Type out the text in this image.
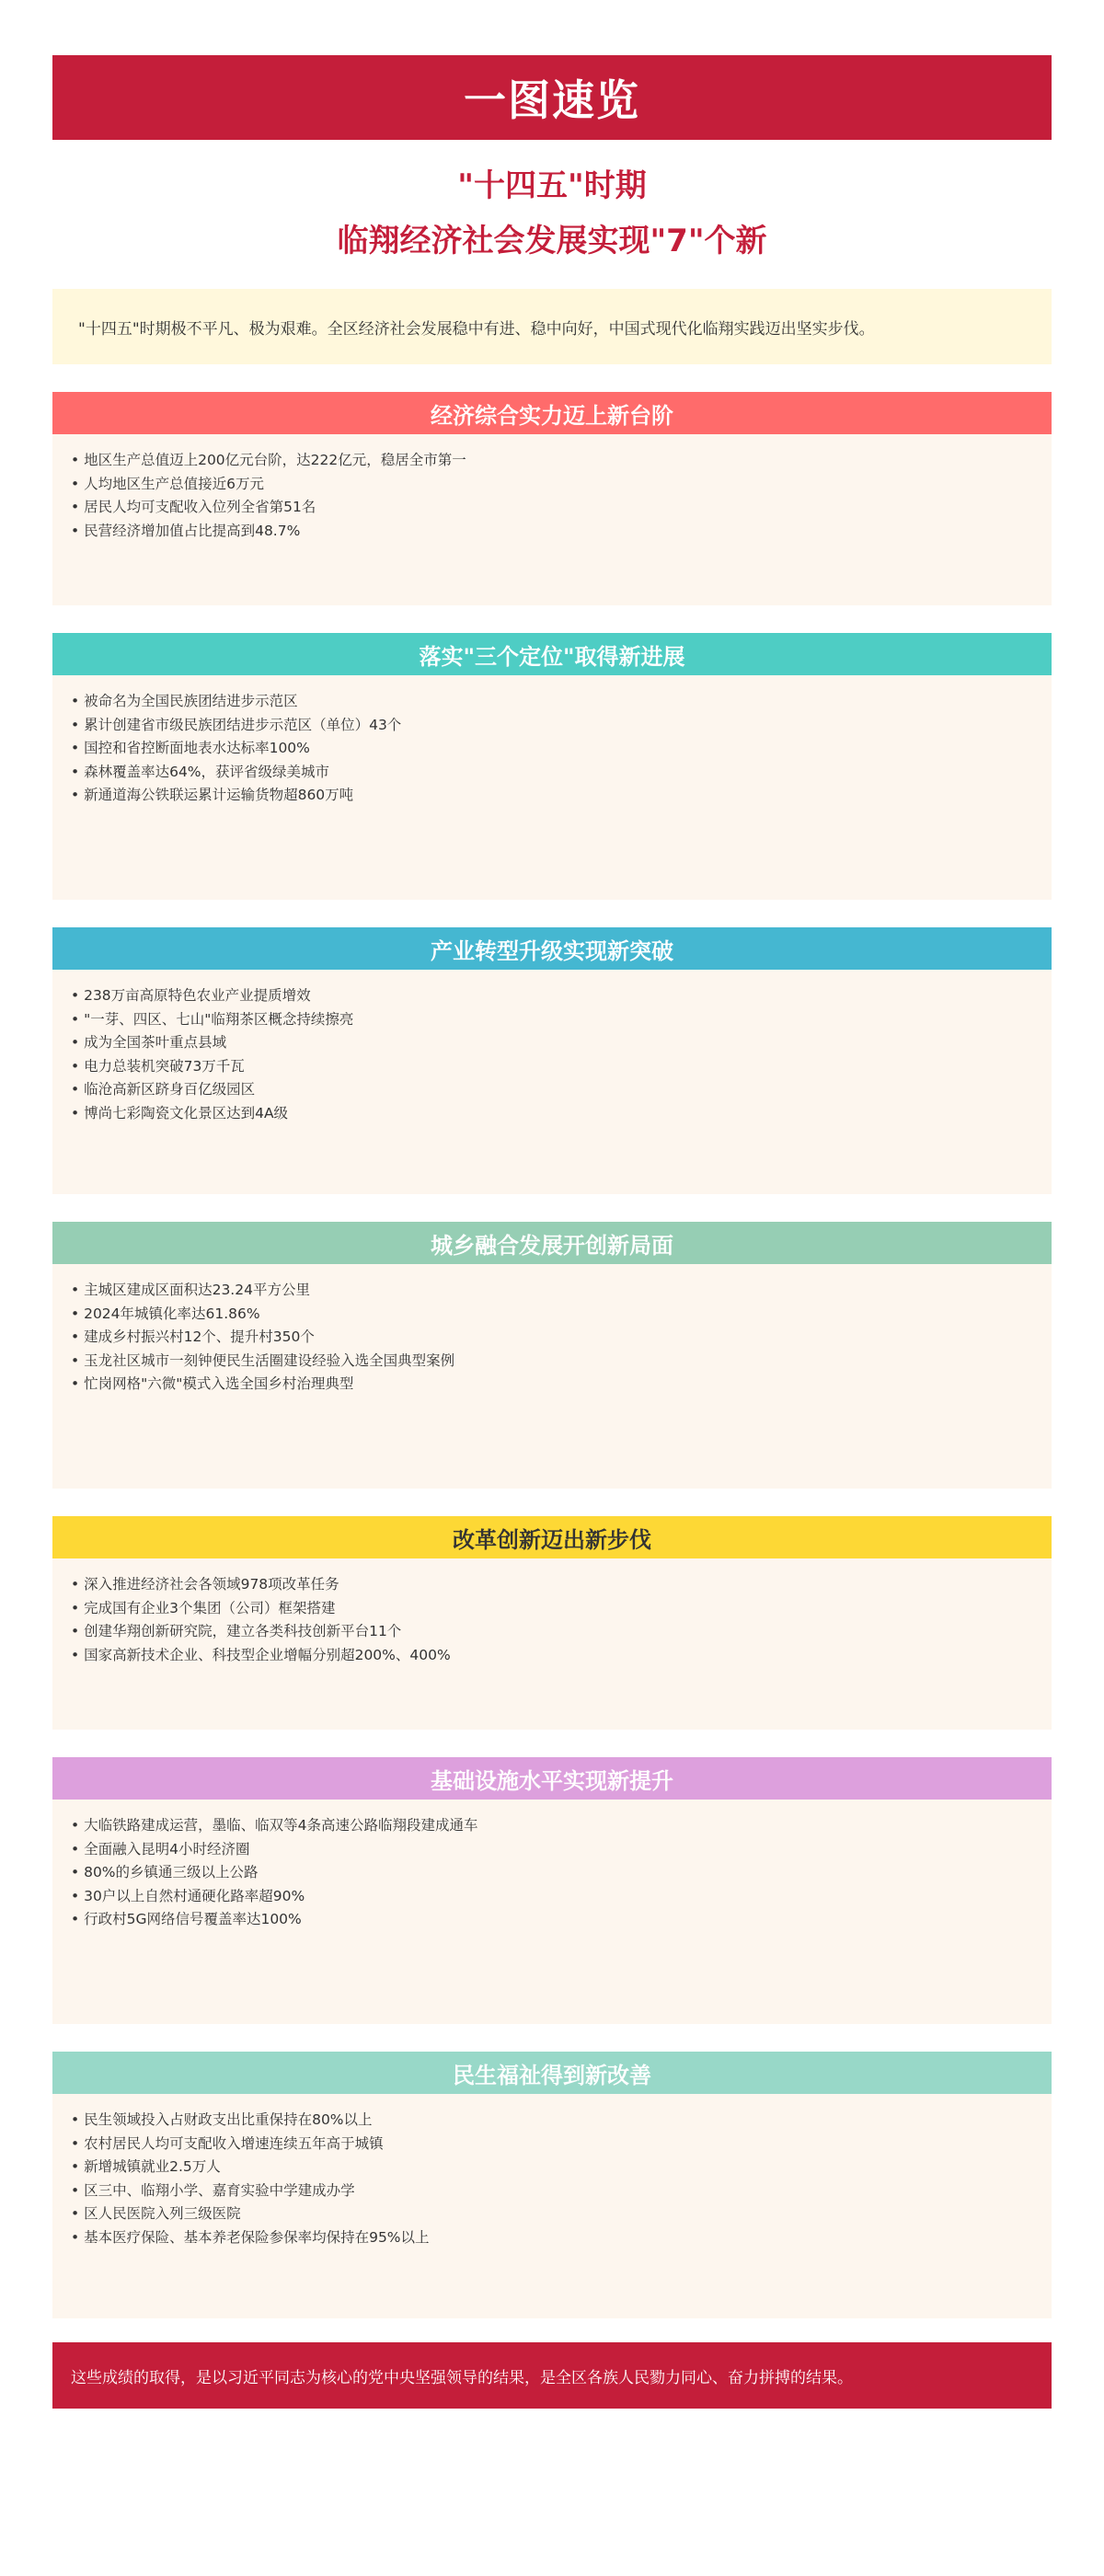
一图速览
"十四五"时期
临翔经济社会发展实现"7"个新
"十四五"时期极不平凡、极为艰难。全区经济社会发展稳中有进、稳中向好，中国式现代化临翔实践迈出坚实步伐。
经济综合实力迈上新台阶
• 地区生产总值迈上200亿元台阶，达222亿元，稳居全市第一
• 人均地区生产总值接近6万元
• 居民人均可支配收入位列全省第51名
• 民营经济增加值占比提高到48.7%
落实"三个定位"取得新进展
• 被命名为全国民族团结进步示范区
• 累计创建省市级民族团结进步示范区（单位）43个
• 国控和省控断面地表水达标率100%
• 森林覆盖率达64%，获评省级绿美城市
• 新通道海公铁联运累计运输货物超860万吨
产业转型升级实现新突破
• 238万亩高原特色农业产业提质增效
• "一芽、四区、七山"临翔茶区概念持续擦亮
• 成为全国茶叶重点县域
• 电力总装机突破73万千瓦
• 临沧高新区跻身百亿级园区
• 博尚七彩陶瓷文化景区达到4A级
城乡融合发展开创新局面
• 主城区建成区面积达23.24平方公里
• 2024年城镇化率达61.86%
• 建成乡村振兴村12个、提升村350个
• 玉龙社区城市一刻钟便民生活圈建设经验入选全国典型案例
• 忙岗网格"六微"模式入选全国乡村治理典型
改革创新迈出新步伐
• 深入推进经济社会各领域978项改革任务
• 完成国有企业3个集团（公司）框架搭建
• 创建华翔创新研究院，建立各类科技创新平台11个
• 国家高新技术企业、科技型企业增幅分别超200%、400%
基础设施水平实现新提升
• 大临铁路建成运营，墨临、临双等4条高速公路临翔段建成通车
• 全面融入昆明4小时经济圈
• 80%的乡镇通三级以上公路
• 30户以上自然村通硬化路率超90%
• 行政村5G网络信号覆盖率达100%
民生福祉得到新改善
• 民生领域投入占财政支出比重保持在80%以上
• 农村居民人均可支配收入增速连续五年高于城镇
• 新增城镇就业2.5万人
• 区三中、临翔小学、嘉育实验中学建成办学
• 区人民医院入列三级医院
• 基本医疗保险、基本养老保险参保率均保持在95%以上
这些成绩的取得，是以习近平同志为核心的党中央坚强领导的结果，是全区各族人民勠力同心、奋力拼搏的结果。
